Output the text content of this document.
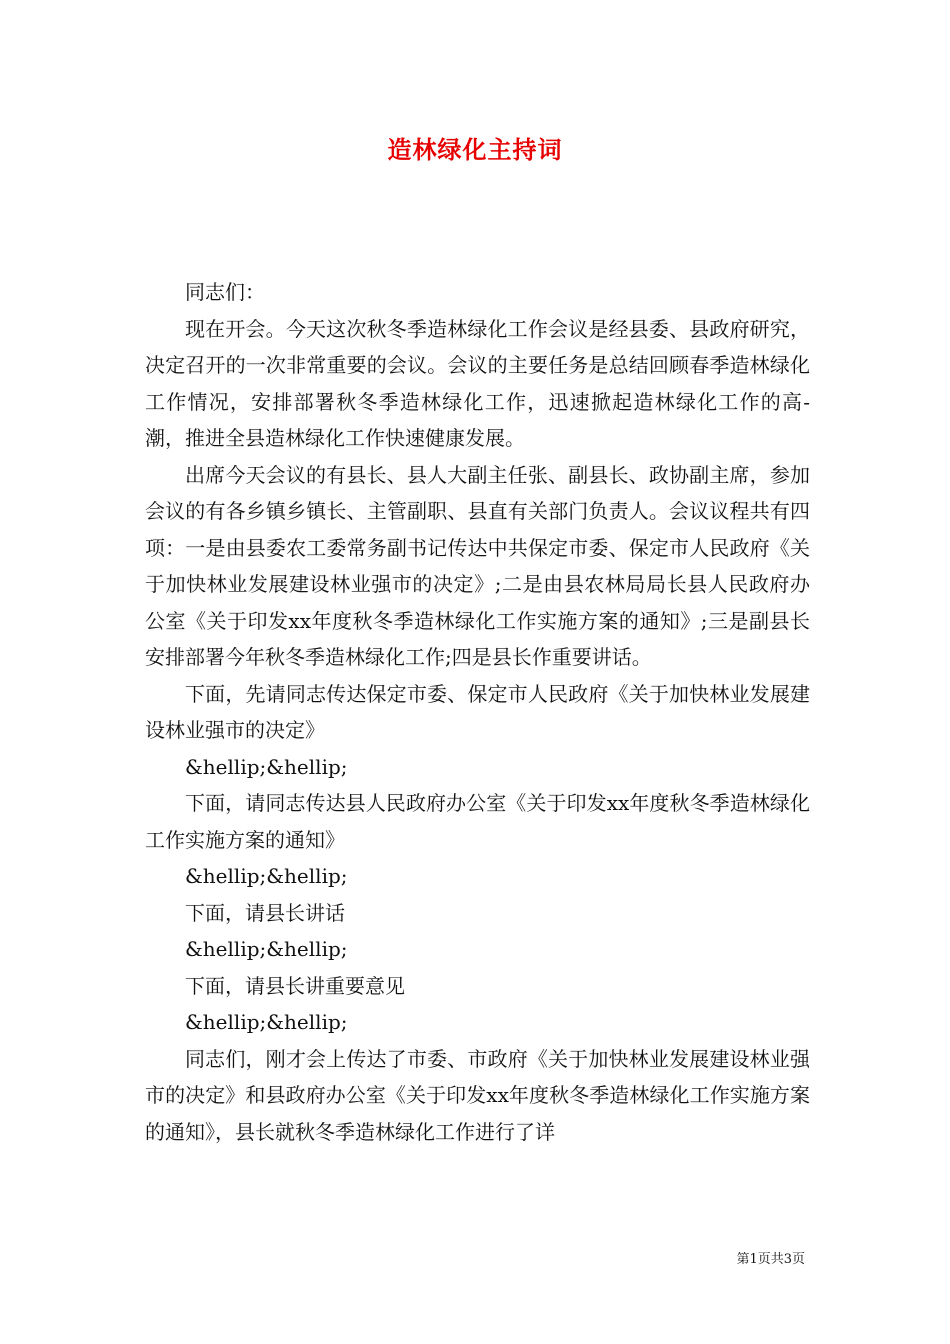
造林绿化主持词

同志们：

现在开会。今天这次秋冬季造林绿化工作会议是经县委、县政府研究，决定召开的一次非常重要的会议。会议的主要任务是总结回顾春季造林绿化工作情况，安排部署秋冬季造林绿化工作，迅速掀起造林绿化工作的高-潮，推进全县造林绿化工作快速健康发展。

出席今天会议的有县长、县人大副主任张、副县长、政协副主席，参加会议的有各乡镇乡镇长、主管副职、县直有关部门负责人。会议议程共有四项：一是由县委农工委常务副书记传达中共保定市委、保定市人民政府《关于加快林业发展建设林业强市的决定》;二是由县农林局局长县人民政府办公室《关于印发xx年度秋冬季造林绿化工作实施方案的通知》;三是副县长安排部署今年秋冬季造林绿化工作;四是县长作重要讲话。

下面，先请同志传达保定市委、保定市人民政府《关于加快林业发展建设林业强市的决定》

&hellip;&hellip;

下面，请同志传达县人民政府办公室《关于印发xx年度秋冬季造林绿化工作实施方案的通知》

&hellip;&hellip;

下面，请县长讲话

&hellip;&hellip;

下面，请县长讲重要意见

&hellip;&hellip;

同志们，刚才会上传达了市委、市政府《关于加快林业发展建设林业强市的决定》和县政府办公室《关于印发xx年度秋冬季造林绿化工作实施方案的通知》，县长就秋冬季造林绿化工作进行了详

第1页共3页
